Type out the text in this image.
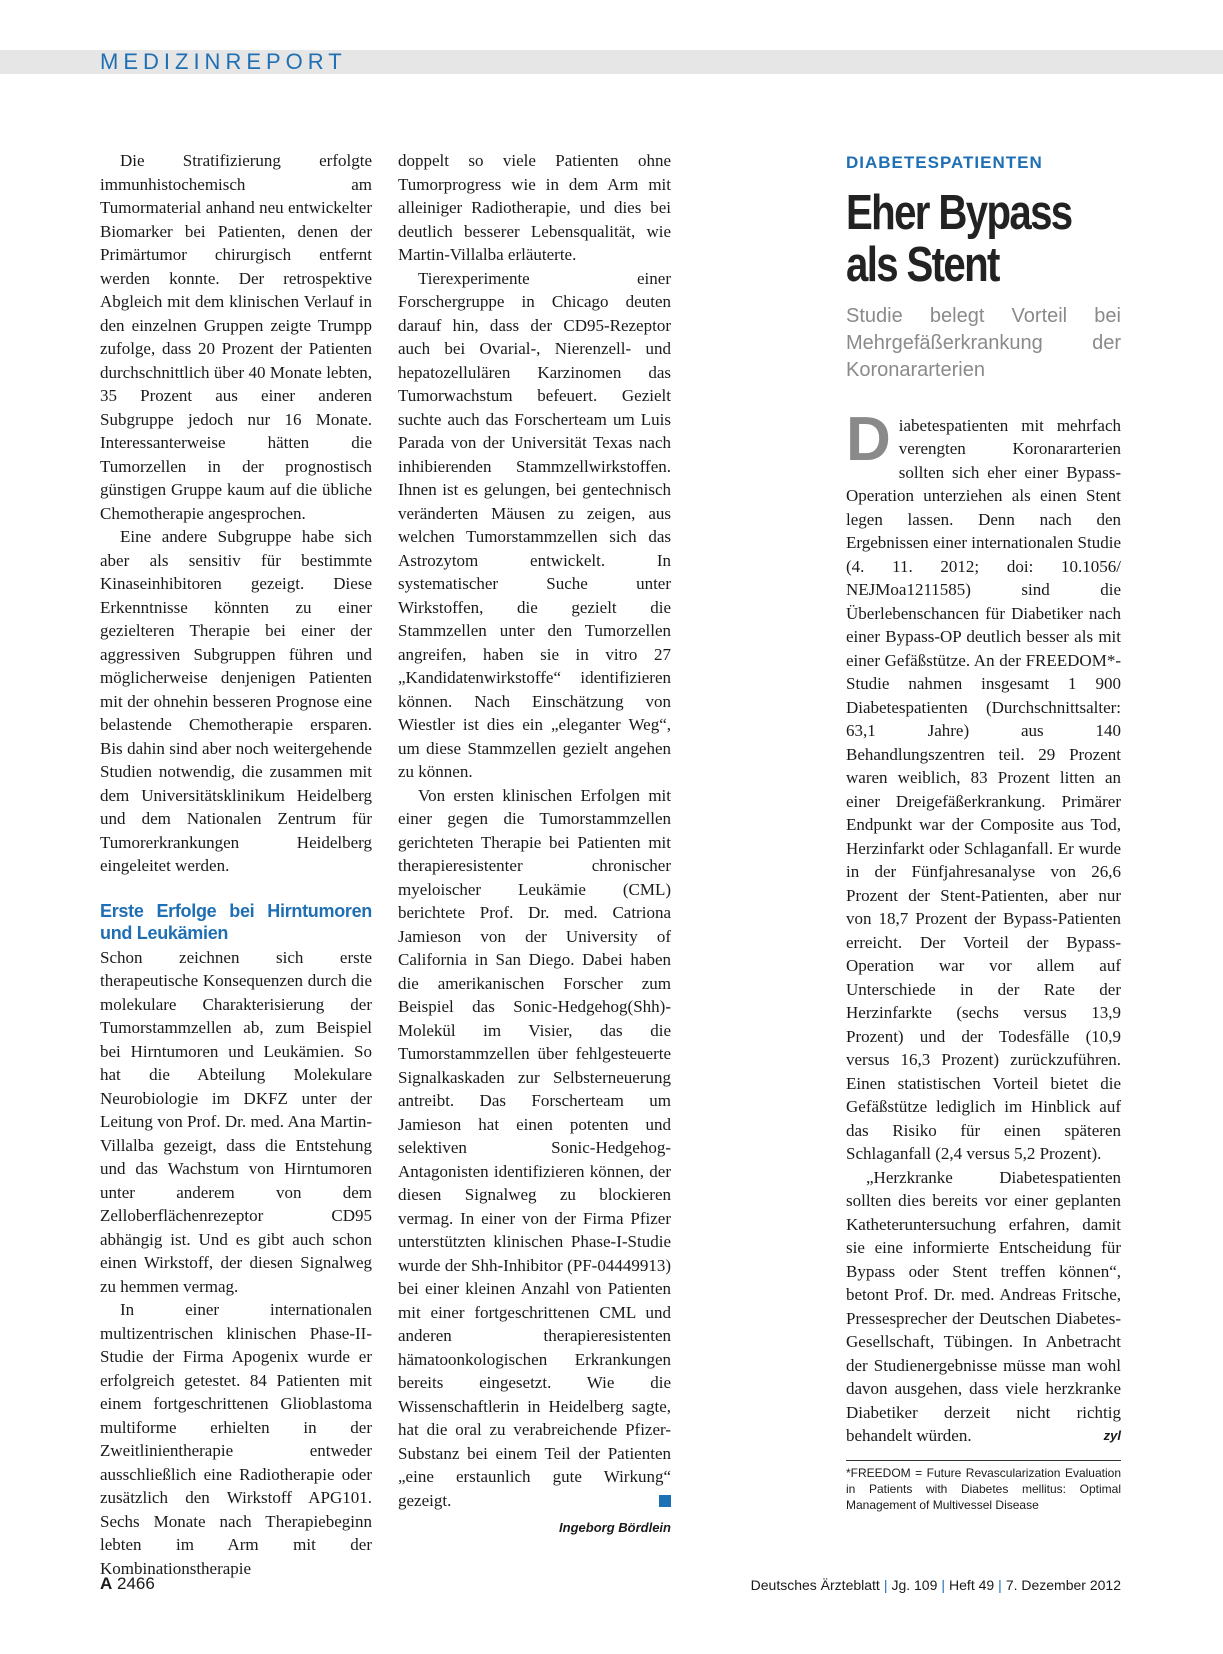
MEDIZINREPORT

Die Stratifizierung erfolgte immunhistochemisch am Tumormaterial anhand neu entwickelter Biomarker bei Patienten, denen der Primärtumor chirurgisch entfernt werden konnte. Der retrospektive Abgleich mit dem klinischen Verlauf in den einzelnen Gruppen zeigte Trumpp zufolge, dass 20 Prozent der Patienten durchschnittlich über 40 Monate lebten, 35 Prozent aus einer anderen Subgruppe jedoch nur 16 Monate. Interessanterweise hätten die Tumorzellen in der prognostisch günstigen Gruppe kaum auf die übliche Chemotherapie angesprochen.

Eine andere Subgruppe habe sich aber als sensitiv für bestimmte Kinaseinhibitoren gezeigt. Diese Erkenntnisse könnten zu einer gezielteren Therapie bei einer der aggressiven Subgruppen führen und möglicherweise denjenigen Patienten mit der ohnehin besseren Prognose eine belastende Chemotherapie ersparen. Bis dahin sind aber noch weitergehende Studien notwendig, die zusammen mit dem Universitätsklinikum Heidelberg und dem Nationalen Zentrum für Tumorerkrankungen Heidelberg eingeleitet werden.

Erste Erfolge bei Hirntumoren und Leukämien

Schon zeichnen sich erste therapeutische Konsequenzen durch die molekulare Charakterisierung der Tumorstammzellen ab, zum Beispiel bei Hirntumoren und Leukämien. So hat die Abteilung Molekulare Neurobiologie im DKFZ unter der Leitung von Prof. Dr. med. Ana Martin-Villalba gezeigt, dass die Entstehung und das Wachstum von Hirntumoren unter anderem von dem Zelloberflächenrezeptor CD95 abhängig ist. Und es gibt auch schon einen Wirkstoff, der diesen Signalweg zu hemmen vermag.

In einer internationalen multizentrischen klinischen Phase-II-Studie der Firma Apogenix wurde er erfolgreich getestet. 84 Patienten mit einem fortgeschrittenen Glioblastoma multiforme erhielten in der Zweitlinientherapie entweder ausschließlich eine Radiotherapie oder zusätzlich den Wirkstoff APG101. Sechs Monate nach Therapiebeginn lebten im Arm mit der Kombinationstherapie

doppelt so viele Patienten ohne Tumorprogress wie in dem Arm mit alleiniger Radiotherapie, und dies bei deutlich besserer Lebensqualität, wie Martin-Villalba erläuterte.

Tierexperimente einer Forschergruppe in Chicago deuten darauf hin, dass der CD95-Rezeptor auch bei Ovarial-, Nierenzell- und hepatozellulären Karzinomen das Tumorwachstum befeuert. Gezielt suchte auch das Forscherteam um Luis Parada von der Universität Texas nach inhibierenden Stammzellwirkstoffen. Ihnen ist es gelungen, bei gentechnisch veränderten Mäusen zu zeigen, aus welchen Tumorstammzellen sich das Astrozytom entwickelt. In systematischer Suche unter Wirkstoffen, die gezielt die Stammzellen unter den Tumorzellen angreifen, haben sie in vitro 27 „Kandidatenwirkstoffe“ identifizieren können. Nach Einschätzung von Wiestler ist dies ein „eleganter Weg“, um diese Stammzellen gezielt angehen zu können.

Von ersten klinischen Erfolgen mit einer gegen die Tumorstammzellen gerichteten Therapie bei Patienten mit therapieresistenter chronischer myeloischer Leukämie (CML) berichtete Prof. Dr. med. Catriona Jamieson von der University of California in San Diego. Dabei haben die amerikanischen Forscher zum Beispiel das Sonic-Hedgehog(Shh)-Molekül im Visier, das die Tumorstammzellen über fehlgesteuerte Signalkaskaden zur Selbsterneuerung antreibt. Das Forscherteam um Jamieson hat einen potenten und selektiven Sonic-Hedgehog-Antagonisten identifizieren können, der diesen Signalweg zu blockieren vermag. In einer von der Firma Pfizer unterstützten klinischen Phase-I-Studie wurde der Shh-Inhibitor (PF-04449913) bei einer kleinen Anzahl von Patienten mit einer fortgeschrittenen CML und anderen therapieresistenten hämatoonkologischen Erkrankungen bereits eingesetzt. Wie die Wissenschaftlerin in Heidelberg sagte, hat die oral zu verabreichende Pfizer-Substanz bei einem Teil der Patienten „eine erstaunlich gute Wirkung“ gezeigt.

Ingeborg Bördlein
DIABETESPATIENTEN
Eher Bypass als Stent
Studie belegt Vorteil bei Mehrgefäßerkrankung der Koronararterien

Diabetespatienten mit mehrfach verengten Koronararterien sollten sich eher einer Bypass-Operation unterziehen als einen Stent legen lassen. Denn nach den Ergebnissen einer internationalen Studie (4. 11. 2012; doi: 10.1056/ NEJMoa1211585) sind die Überlebenschancen für Diabetiker nach einer Bypass-OP deutlich besser als mit einer Gefäßstütze. An der FREEDOM*-Studie nahmen insgesamt 1 900 Diabetespatienten (Durchschnittsalter: 63,1 Jahre) aus 140 Behandlungszentren teil. 29 Prozent waren weiblich, 83 Prozent litten an einer Dreigefäßerkrankung. Primärer Endpunkt war der Composite aus Tod, Herzinfarkt oder Schlaganfall. Er wurde in der Fünfjahresanalyse von 26,6 Prozent der Stent-Patienten, aber nur von 18,7 Prozent der Bypass-Patienten erreicht. Der Vorteil der Bypass-Operation war vor allem auf Unterschiede in der Rate der Herzinfarkte (sechs versus 13,9 Prozent) und der Todesfälle (10,9 versus 16,3 Prozent) zurückzuführen. Einen statistischen Vorteil bietet die Gefäßstütze lediglich im Hinblick auf das Risiko für einen späteren Schlaganfall (2,4 versus 5,2 Prozent).

„Herzkranke Diabetespatienten sollten dies bereits vor einer geplanten Katheteruntersuchung erfahren, damit sie eine informierte Entscheidung für Bypass oder Stent treffen können“, betont Prof. Dr. med. Andreas Fritsche, Pressesprecher der Deutschen Diabetes-Gesellschaft, Tübingen. In Anbetracht der Studienergebnisse müsse man wohl davon ausgehen, dass viele herzkranke Diabetiker derzeit nicht richtig behandelt würden.	zyl

*FREEDOM = Future Revascularization Evaluation in Patients with Diabetes mellitus: Optimal Management of Multivessel Disease
A 2466	Deutsches Ärzteblatt | Jg. 109 | Heft 49 | 7. Dezember 2012
